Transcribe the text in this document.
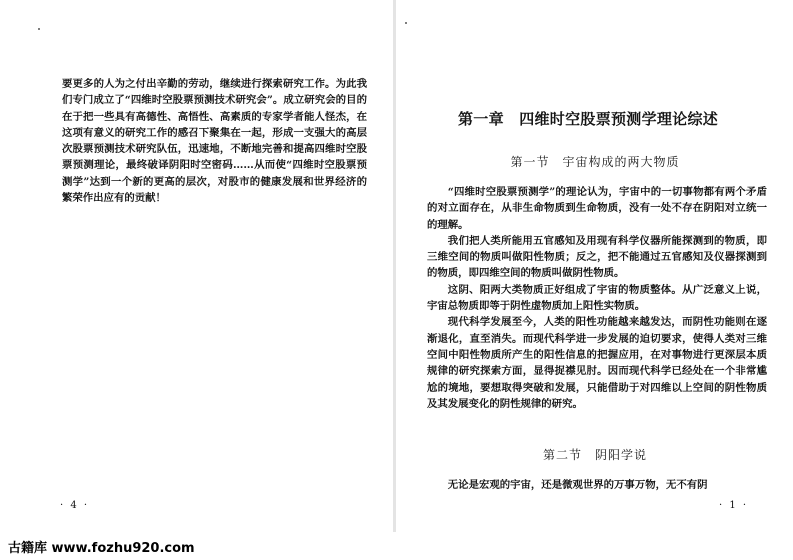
要更多的人为之付出辛勤的劳动，继续进行探索研究工作。为此我们专门成立了“四维时空股票预测技术研究会”。成立研究会的目的在于把一些具有高德性、高悟性、高素质的专家学者能人怪杰，在这项有意义的研究工作的感召下聚集在一起，形成一支强大的高层次股票预测技术研究队伍，迅速地，不断地完善和提高四维时空股票预测理论，最终破译阴阳时空密码……从而使“四维时空股票预测学”达到一个新的更高的层次，对股市的健康发展和世界经济的繁荣作出应有的贡献！

· 4 ·
第一章　四维时空股票预测学理论综述
第一节　宇宙构成的两大物质

“四维时空股票预测学”的理论认为，宇宙中的一切事物都有两个矛盾的对立面存在，从非生命物质到生命物质，没有一处不存在阴阳对立统一的理解。

我们把人类所能用五官感知及用现有科学仪器所能探测到的物质，即三维空间的物质叫做阳性物质；反之，把不能通过五官感知及仪器探测到的物质，即四维空间的物质叫做阴性物质。

这阴、阳两大类物质正好组成了宇宙的物质整体。从广泛意义上说，宇宙总物质即等于阴性虚物质加上阳性实物质。

现代科学发展至今，人类的阳性功能越来越发达，而阴性功能则在逐渐退化，直至消失。而现代科学进一步发展的迫切要求，使得人类对三维空间中阳性物质所产生的阳性信息的把握应用，在对事物进行更深层本质规律的研究探索方面，显得捉襟见肘。因而现代科学已经处在一个非常尴尬的境地，要想取得突破和发展，只能借助于对四维以上空间的阴性物质及其发展变化的阴性规律的研究。

第二节　阴阳学说

无论是宏观的宇宙，还是微观世界的万事万物，无不有阴

· 1 ·
古籍库 www.fozhu920.com
